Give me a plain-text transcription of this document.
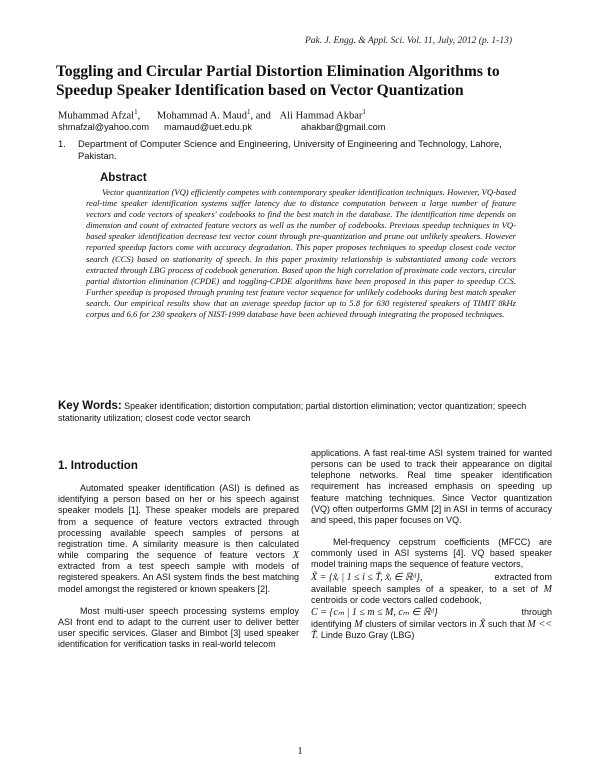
Pak. J. Engg. & Appl. Sci. Vol. 11, July, 2012 (p. 1-13)
Toggling and Circular Partial Distortion Elimination Algorithms to Speedup Speaker Identification based on Vector Quantization
Muhammad Afzal$^1$, Mohammad A. Maud$^1$, and Ali Hammad Akbar$^1$
shmafzal@yahoo.com mamaud@uet.edu.pk	ahakbar@gmail.com
1.	Department of Computer Science and Engineering, University of Engineering and Technology, Lahore, Pakistan.
Abstract
Vector quantization (VQ) efficiently competes with contemporary speaker identification techniques. However, VQ-based real-time speaker identification systems suffer latency due to distance computation between a large number of feature vectors and code vectors of speakers' codebooks to find the best match in the database. The identification time depends on dimension and count of extracted feature vectors as well as the number of codebooks. Previous speedup techniques in VQ-based speaker identification decrease test vector count through pre-quantization and prune out unlikely speakers. However reported speedup factors come with accuracy degradation. This paper proposes techniques to speedup closest code vector search (CCS) based on stationarity of speech. In this paper proximity relationship is substantiated among code vectors extracted through LBG process of codebook generation. Based upon the high correlation of proximate code vectors, circular partial distortion elimination (CPDE) and toggling-CPDE algorithms have been proposed in this paper to speedup CCS. Further speedup is proposed through pruning test feature vector sequence for unlikely codebooks during best match speaker search. Our empirical results show that an average speedup factor up to 5.8 for 630 registered speakers of TIMIT 8kHz corpus and 6.6 for 230 speakers of NIST-1999 database have been achieved through integrating the proposed techniques.
Key Words: Speaker identification; distortion computation; partial distortion elimination; vector quantization; speech stationarity utilization; closest code vector search

1. Introduction

Automated speaker identification (ASI) is defined as identifying a person based on her or his speech against speaker models [1]. These speaker models are prepared from a sequence of feature vectors extracted through processing available speech samples of persons at registration time. A similarity measure is then calculated while comparing the sequence of feature vectors X extracted from a test speech sample with models of registered speakers. An ASI system finds the best matching model amongst the registered or known speakers [2].

Most multi-user speech processing systems employ ASI front end to adapt to the current user to deliver better user specific services. Glaser and Bimbot [3] used speaker identification for verification tasks in real-world telecom

applications. A fast real-time ASI system trained for wanted persons can be used to track their appearance on digital telephone networks. Real time speaker identification requirement has increased emphasis on speeding up feature matching techniques. Since Vector quantization (VQ) often outperforms GMM [2] in ASI in terms of accuracy and speed, this paper focuses on VQ.

Mel-frequency cepstrum coefficients (MFCC) are commonly used in ASI systems [4]. VQ based speaker model training maps the sequence of feature vectors,

X̃ = {x̃ᵢ | 1 ≤ i ≤ T̃, x̃ᵢ ∈ ℝᵈ},	extracted from

available speech samples of a speaker, to a set of M centroids or code vectors called codebook,

C = {cₘ | 1 ≤ m ≤ M, cₘ ∈ ℝᵈ}	through

identifying M clusters of similar vectors in X̃ such that M << T̃. Linde Buzo Gray (LBG)

1
